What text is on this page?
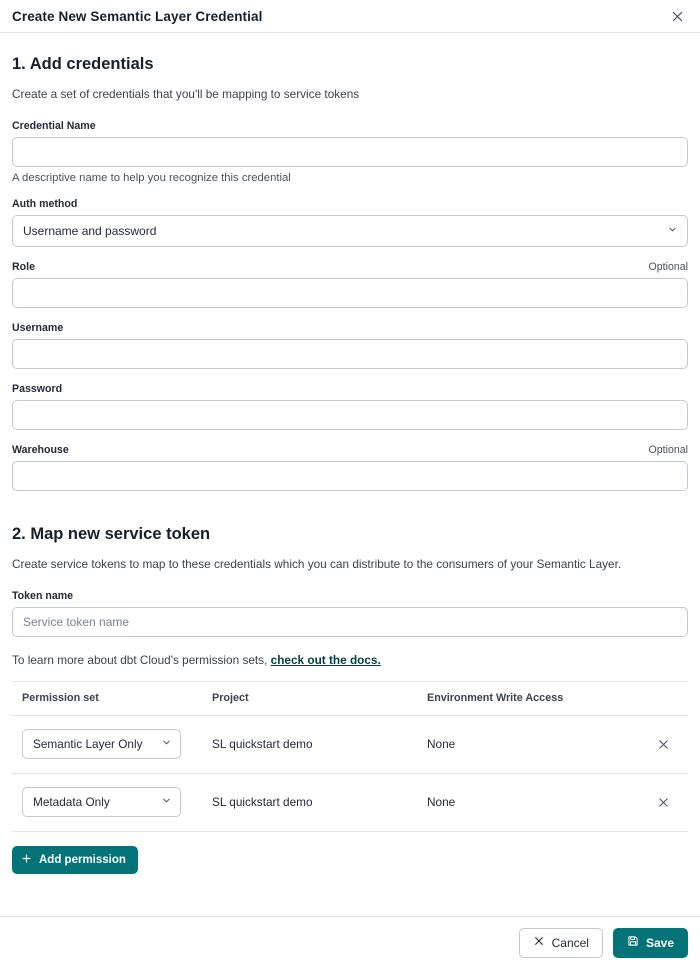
Create New Semantic Layer Credential
1. Add credentials

Create a set of credentials that you'll be mapping to service tokens

Credential Name
A descriptive name to help you recognize this credential
Auth method
Username and password
Role	Optional
Username
Password
Warehouse	Optional
2. Map new service token

Create service tokens to map to these credentials which you can distribute to the consumers of your Semantic Layer.

Token name
Service token name
To learn more about dbt Cloud's permission sets, check out the docs.
Permission set	Project	Environment Write Access
Semantic Layer Only	SL quickstart demo	None
Metadata Only	SL quickstart demo	None
Add permission
Cancel	Save
